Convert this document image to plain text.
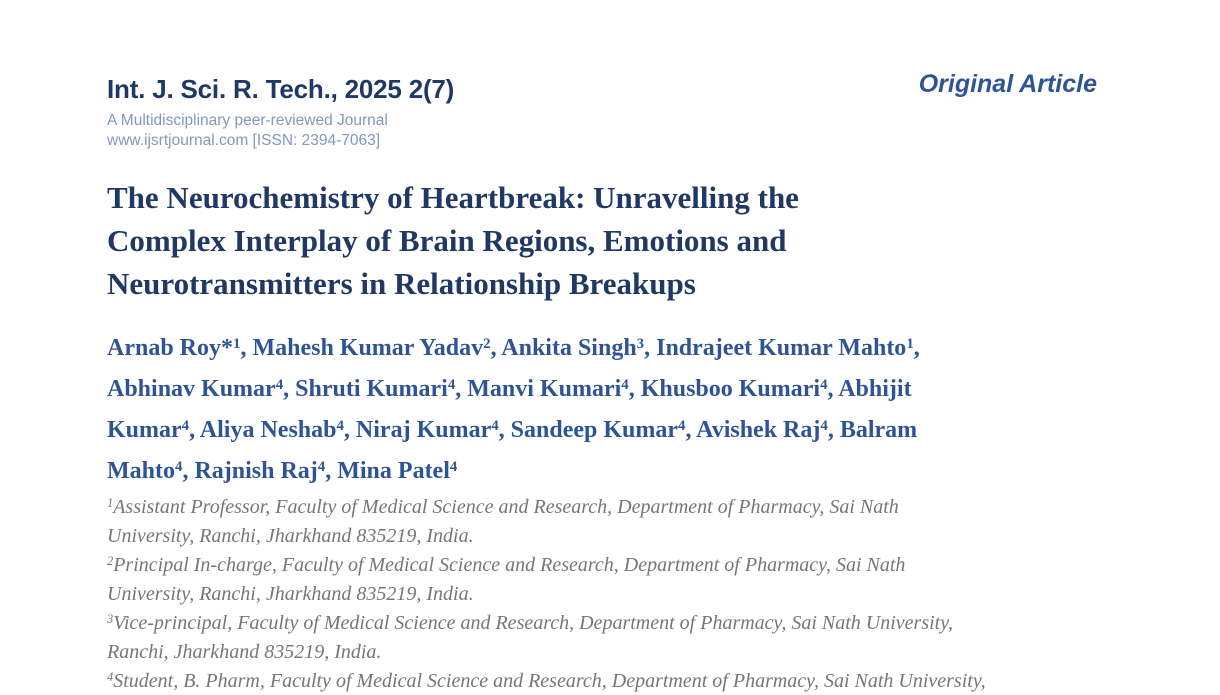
Int. J. Sci. R. Tech., 2025 2(7)
A Multidisciplinary peer-reviewed Journal
www.ijsrtjournal.com [ISSN: 2394-7063]
Original Article
The Neurochemistry of Heartbreak: Unravelling the
Complex Interplay of Brain Regions, Emotions and
Neurotransmitters in Relationship Breakups
Arnab Roy*$^1$, Mahesh Kumar Yadav$^2$, Ankita Singh$^3$, Indrajeet Kumar Mahto$^1$,
Abhinav Kumar$^4$, Shruti Kumari$^4$, Manvi Kumari$^4$, Khusboo Kumari$^4$, Abhijit
Kumar$^4$, Aliya Neshab$^4$, Niraj Kumar$^4$, Sandeep Kumar$^4$, Avishek Raj$^4$, Balram
Mahto$^4$, Rajnish Raj$^4$, Mina Patel$^4$
$^1$Assistant Professor, Faculty of Medical Science and Research, Department of Pharmacy, Sai Nath
University, Ranchi, Jharkhand 835219, India.
$^2$Principal In-charge, Faculty of Medical Science and Research, Department of Pharmacy, Sai Nath
University, Ranchi, Jharkhand 835219, India.
$^3$Vice-principal, Faculty of Medical Science and Research, Department of Pharmacy, Sai Nath University,
Ranchi, Jharkhand 835219, India.
$^4$Student, B. Pharm, Faculty of Medical Science and Research, Department of Pharmacy, Sai Nath University,
